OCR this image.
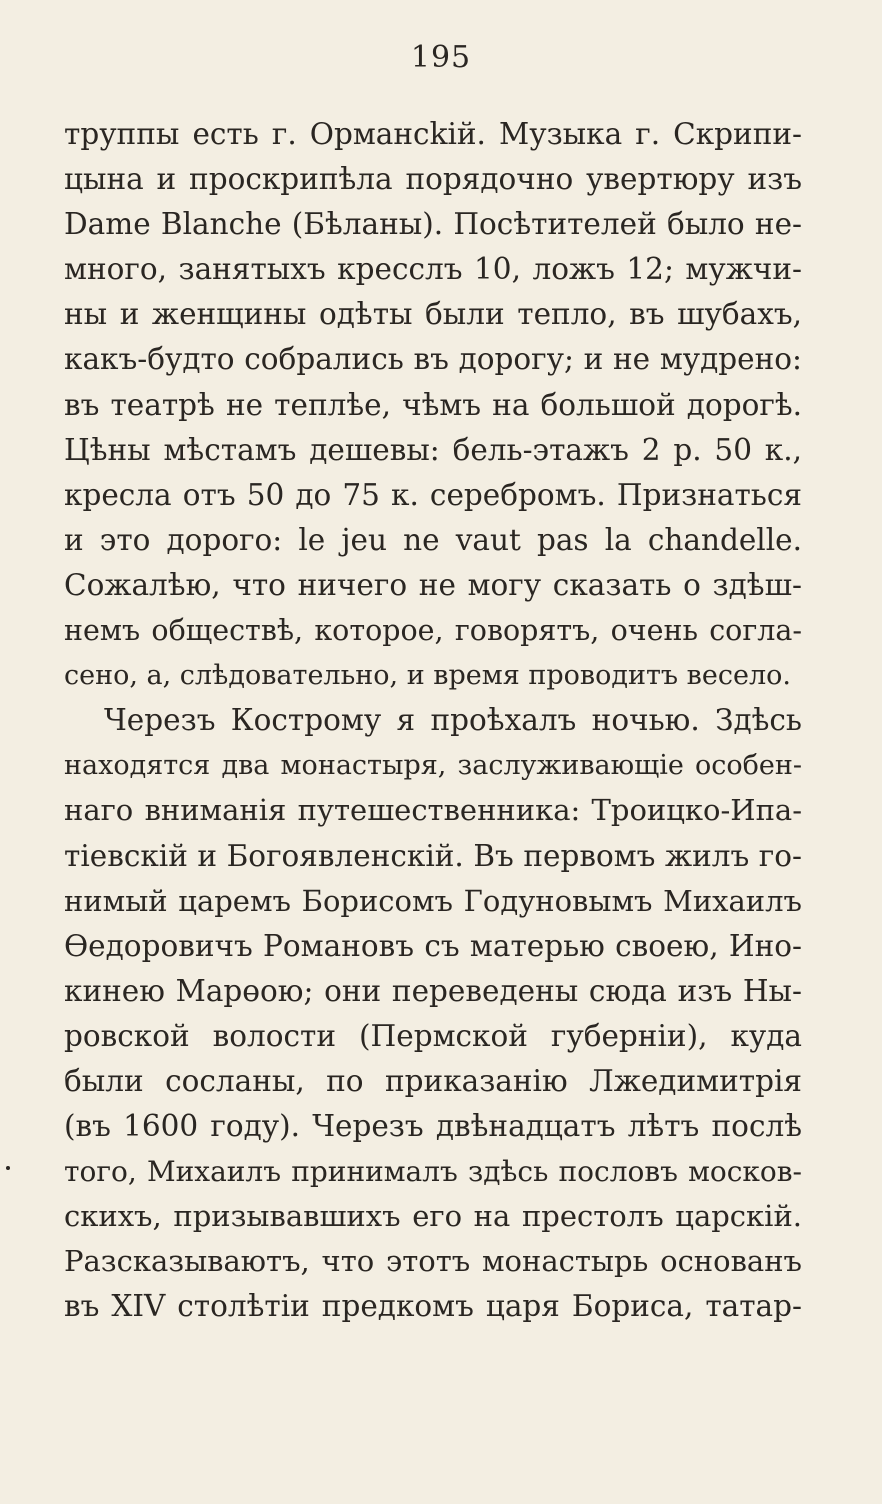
195
труппы есть г. Ормансkiй. Музыка г. Скрипи-
цына и проскрипѣла порядочно увертюру изъ
Dame Blanche (Бѣланы). Посѣтителей было не-
много, занятыхъ кресслъ 10, ложъ 12; мужчи-
ны и женщины одѣты были тепло, въ шубахъ,
какъ-будто собрались въ дорогу; и не мудрено:
въ театрѣ не теплѣе, чѣмъ на большой дорогѣ.
Цѣны мѣстамъ дешевы: бель-этажъ 2 р. 50 к.,
кресла отъ 50 до 75 к. серебромъ. Признаться
и это дорого: le jeu ne vaut pas la chandelle.
Сожалѣю, что ничего не могу сказать о здѣш-
немъ обществѣ, которое, говорятъ, очень согла-
сено, а, слѣдовательно, и время проводитъ весело.
Черезъ Кострому я проѣхалъ ночью. Здѣсь
находятся два монастыря, заслуживающіе особен-
наго вниманія путешественника: Троицко-Ипа-
тіевскій и Богоявленскій. Въ первомъ жилъ го-
нимый царемъ Борисомъ Годуновымъ Михаилъ
Өедоровичъ Романовъ съ матерью своею, Ино-
кинею Марөою; они переведены сюда изъ Ны-
ровской волости (Пермской губерніи), куда
были сосланы, по приказанію Лжедимитрія
(въ 1600 году). Черезъ двѣнадцатъ лѣтъ послѣ
того, Михаилъ принималъ здѣсь пословъ москов-
скихъ, призывавшихъ его на престолъ царскій.
Разсказываютъ, что этотъ монастырь основанъ
въ XIV столѣтіи предкомъ царя Бориса, татар-
